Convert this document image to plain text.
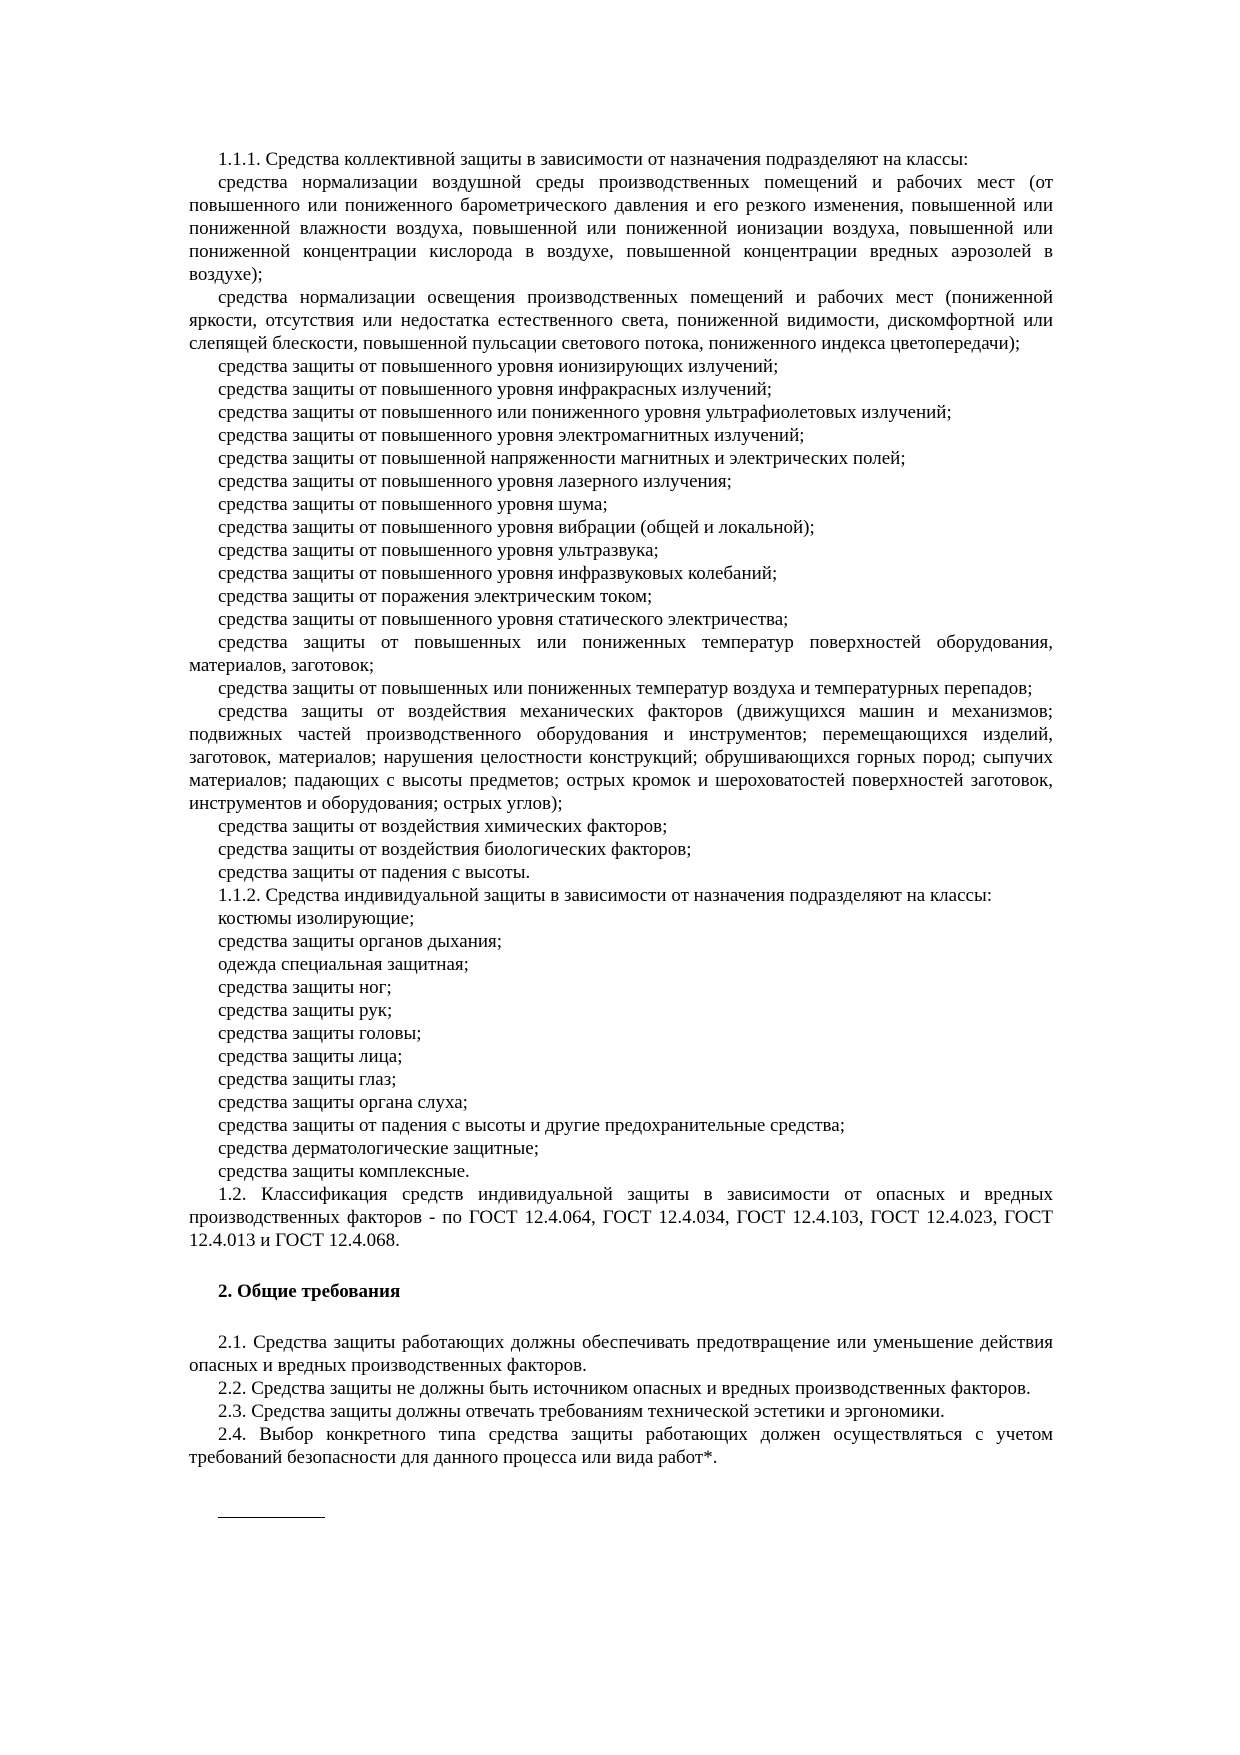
1.1.1. Средства коллективной защиты в зависимости от назначения подразделяют на классы:

средства нормализации воздушной среды производственных помещений и рабочих мест (от повышенного или пониженного барометрического давления и его резкого изменения, повышенной или пониженной влажности воздуха, повышенной или пониженной ионизации воздуха, повышенной или пониженной концентрации кислорода в воздухе, повышенной концентрации вредных аэрозолей в воздухе);

средства нормализации освещения производственных помещений и рабочих мест (пониженной яркости, отсутствия или недостатка естественного света, пониженной видимости, дискомфортной или слепящей блескости, повышенной пульсации светового потока, пониженного индекса цветопередачи);

средства защиты от повышенного уровня ионизирующих излучений;

средства защиты от повышенного уровня инфракрасных излучений;

средства защиты от повышенного или пониженного уровня ультрафиолетовых излучений;

средства защиты от повышенного уровня электромагнитных излучений;

средства защиты от повышенной напряженности магнитных и электрических полей;

средства защиты от повышенного уровня лазерного излучения;

средства защиты от повышенного уровня шума;

средства защиты от повышенного уровня вибрации (общей и локальной);

средства защиты от повышенного уровня ультразвука;

средства защиты от повышенного уровня инфразвуковых колебаний;

средства защиты от поражения электрическим током;

средства защиты от повышенного уровня статического электричества;

средства защиты от повышенных или пониженных температур поверхностей оборудования, материалов, заготовок;

средства защиты от повышенных или пониженных температур воздуха и температурных перепадов;

средства защиты от воздействия механических факторов (движущихся машин и механизмов; подвижных частей производственного оборудования и инструментов; перемещающихся изделий, заготовок, материалов; нарушения целостности конструкций; обрушивающихся горных пород; сыпучих материалов; падающих с высоты предметов; острых кромок и шероховатостей поверхностей заготовок, инструментов и оборудования; острых углов);

средства защиты от воздействия химических факторов;

средства защиты от воздействия биологических факторов;

средства защиты от падения с высоты.

1.1.2. Средства индивидуальной защиты в зависимости от назначения подразделяют на классы:

костюмы изолирующие;

средства защиты органов дыхания;

одежда специальная защитная;

средства защиты ног;

средства защиты рук;

средства защиты головы;

средства защиты лица;

средства защиты глаз;

средства защиты органа слуха;

средства защиты от падения с высоты и другие предохранительные средства;

средства дерматологические защитные;

средства защиты комплексные.

1.2. Классификация средств индивидуальной защиты в зависимости от опасных и вредных производственных факторов - по ГОСТ 12.4.064, ГОСТ 12.4.034, ГОСТ 12.4.103, ГОСТ 12.4.023, ГОСТ 12.4.013 и ГОСТ 12.4.068.

2. Общие требования

2.1. Средства защиты работающих должны обеспечивать предотвращение или уменьшение действия опасных и вредных производственных факторов.

2.2. Средства защиты не должны быть источником опасных и вредных производственных факторов.

2.3. Средства защиты должны отвечать требованиям технической эстетики и эргономики.

2.4. Выбор конкретного типа средства защиты работающих должен осуществляться с учетом требований безопасности для данного процесса или вида работ*.
